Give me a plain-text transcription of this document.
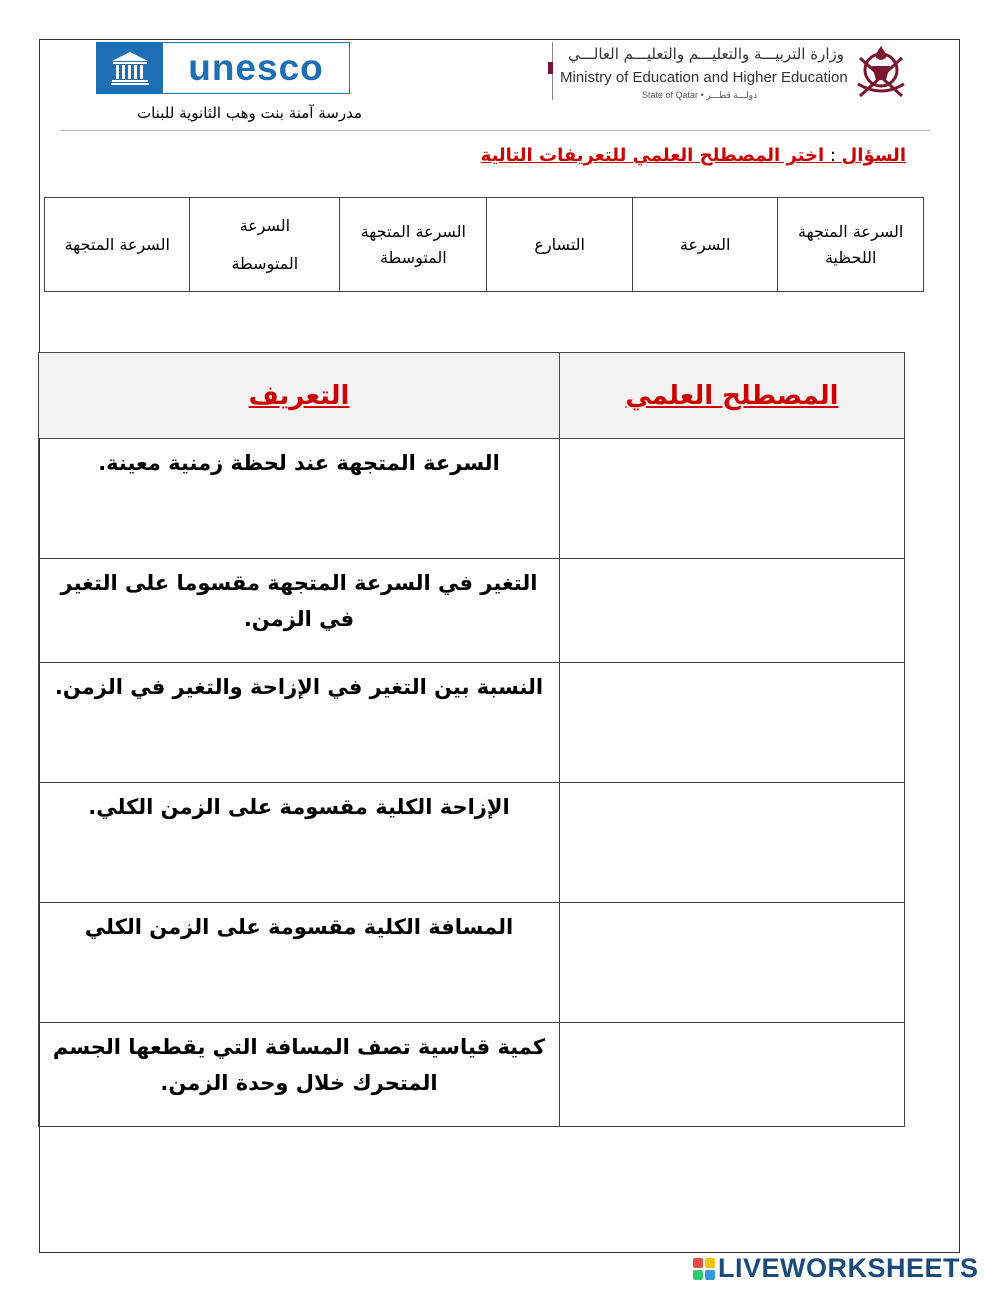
unesco
مدرسة آمنة بنت وهب الثانوية للبنات
وزارة التربيـــة والتعليـــم والتعليـــم العالـــي
Ministry of Education and Higher Education
State of Qatar • دولـــة قطـــر
السؤال : اختر المصطلح العلمي للتعريفات التالية
السرعة المتجهة	السرعة المتوسطة	السرعة المتجهة المتوسطة	التسارع	السرعة	السرعة المتجهة اللحظية
التعريف	المصطلح العلمي
السرعة المتجهة عند لحظة زمنية معينة.	
التغير في السرعة المتجهة مقسوما على التغير في الزمن.	
النسبة بين التغير في الإزاحة والتغير في الزمن.	
الإزاحة الكلية مقسومة على الزمن الكلي.	
المسافة الكلية مقسومة على الزمن الكلي	
كمية قياسية تصف المسافة التي يقطعها الجسم المتحرك خلال وحدة الزمن.	
LIVEWORKSHEETS
